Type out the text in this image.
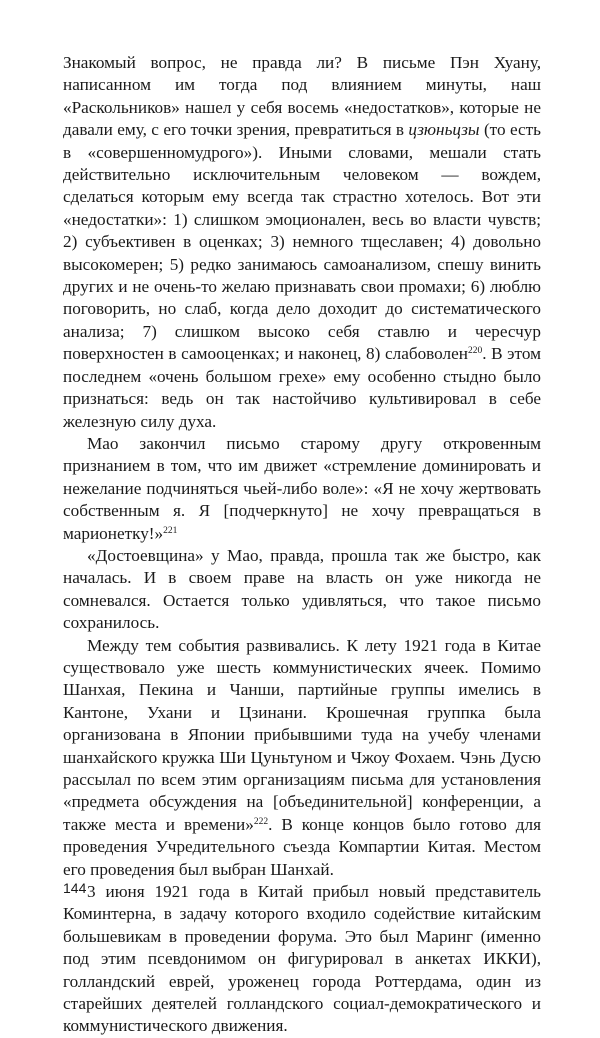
Знакомый вопрос, не правда ли? В письме Пэн Хуану, написанном им тогда под влиянием минуты, наш «Раскольников» нашел у себя восемь «недостатков», которые не давали ему, с его точки зрения, превратиться в цзюньцзы (то есть в «совершенномудрого»). Иными словами, мешали стать действительно исключительным человеком — вождем, сделаться которым ему всегда так страстно хотелось. Вот эти «недостатки»: 1) слишком эмоционален, весь во власти чувств; 2) субъективен в оценках; 3) немного тщеславен; 4) довольно высокомерен; 5) редко занимаюсь самоанализом, спешу винить других и не очень-то желаю признавать свои промахи; 6) люблю поговорить, но слаб, когда дело доходит до систематического анализа; 7) слишком высоко себя ставлю и чересчур поверхностен в самооценках; и наконец, 8) слабоволен$^{220}$. В этом последнем «очень большом грехе» ему особенно стыдно было признаться: ведь он так настойчиво культивировал в себе железную силу духа.

Мао закончил письмо старому другу откровенным признанием в том, что им движет «стремление доминировать и нежелание подчиняться чьей-либо воле»: «Я не хочу жертвовать собственным я. Я [подчеркнуто] не хочу превращаться в марионетку!»$^{221}$

«Достоевщина» у Мао, правда, прошла так же быстро, как началась. И в своем праве на власть он уже никогда не сомневался. Остается только удивляться, что такое письмо сохранилось.

Между тем события развивались. К лету 1921 года в Китае существовало уже шесть коммунистических ячеек. Помимо Шанхая, Пекина и Чанши, партийные группы имелись в Кантоне, Ухани и Цзинани. Крошечная группка была организована в Японии прибывшими туда на учебу членами шанхайского кружка Ши Цуньтуном и Чжоу Фохаем. Чэнь Дусю рассылал по всем этим организациям письма для установления «предмета обсуждения на [объединительной] конференции, а также места и времени»$^{222}$. В конце концов было готово для проведения Учредительного съезда Компартии Китая. Местом его проведения был выбран Шанхай.

3 июня 1921 года в Китай прибыл новый представитель Коминтерна, в задачу которого входило содействие китайским большевикам в проведении форума. Это был Маринг (именно под этим псевдонимом он фигурировал в анкетах ИККИ), голландский еврей, уроженец города Роттердама, один из старейших деятелей голландского социал-демократического и коммунистического движения.

144
